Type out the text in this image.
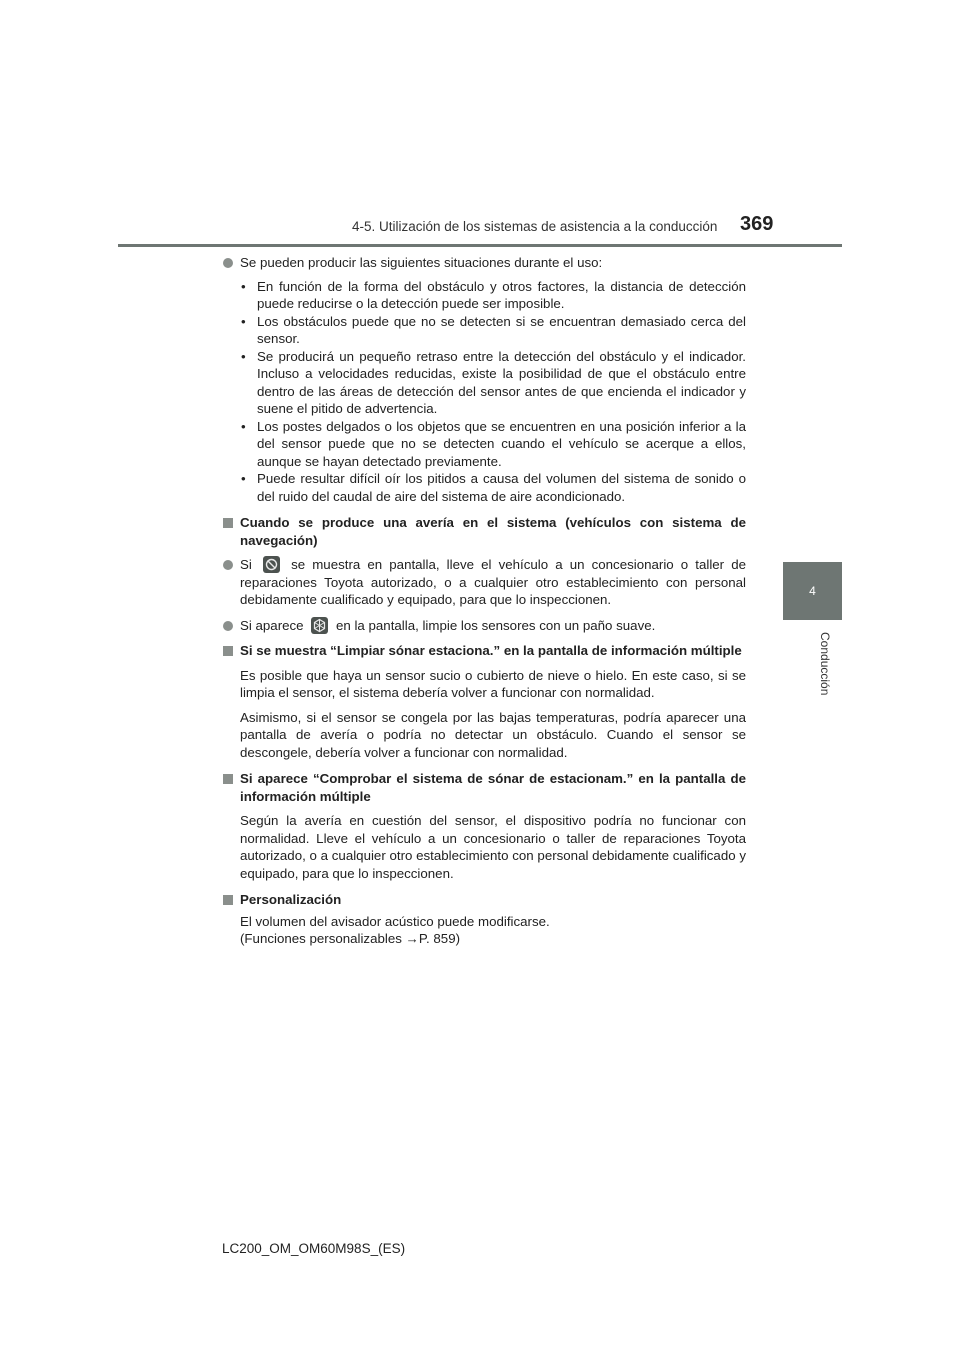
4-5. Utilización de los sistemas de asistencia a la conducción 369
4
Conducción

Se pueden producir las siguientes situaciones durante el uso:

• En función de la forma del obstáculo y otros factores, la distancia de detección puede reducirse o la detección puede ser imposible.

• Los obstáculos puede que no se detecten si se encuentran demasiado cerca del sensor.

• Se producirá un pequeño retraso entre la detección del obstáculo y el indicador. Incluso a velocidades reducidas, existe la posibilidad de que el obstáculo entre dentro de las áreas de detección del sensor antes de que encienda el indicador y suene el pitido de advertencia.

• Los postes delgados o los objetos que se encuentren en una posición inferior a la del sensor puede que no se detecten cuando el vehículo se acerque a ellos, aunque se hayan detectado previamente.

• Puede resultar difícil oír los pitidos a causa del volumen del sistema de sonido o del ruido del caudal de aire del sistema de aire acondicionado.

Cuando se produce una avería en el sistema (vehículos con sistema de navegación)

Si	se muestra en pantalla, lleve el vehículo a un concesionario o taller de reparaciones Toyota autorizado, o a cualquier otro establecimiento con personal debidamente cualificado y equipado, para que lo inspeccionen.

Si aparece en la pantalla, limpie los sensores con un paño suave.

Si se muestra “Limpiar sónar estaciona.” en la pantalla de información múltiple

Es posible que haya un sensor sucio o cubierto de nieve o hielo. En este caso, si se limpia el sensor, el sistema debería volver a funcionar con normalidad.

Asimismo, si el sensor se congela por las bajas temperaturas, podría aparecer una pantalla de avería o podría no detectar un obstáculo. Cuando el sensor se descongele, debería volver a funcionar con normalidad.

Si aparece “Comprobar el sistema de sónar de estacionam.” en la pantalla de información múltiple

Según la avería en cuestión del sensor, el dispositivo podría no funcionar con normalidad. Lleve el vehículo a un concesionario o taller de reparaciones Toyota autorizado, o a cualquier otro establecimiento con personal debidamente cualificado y equipado, para que lo inspeccionen.

Personalización

El volumen del avisador acústico puede modificarse.

(Funciones personalizables →P. 859)

LC200_OM_OM60M98S_(ES)
